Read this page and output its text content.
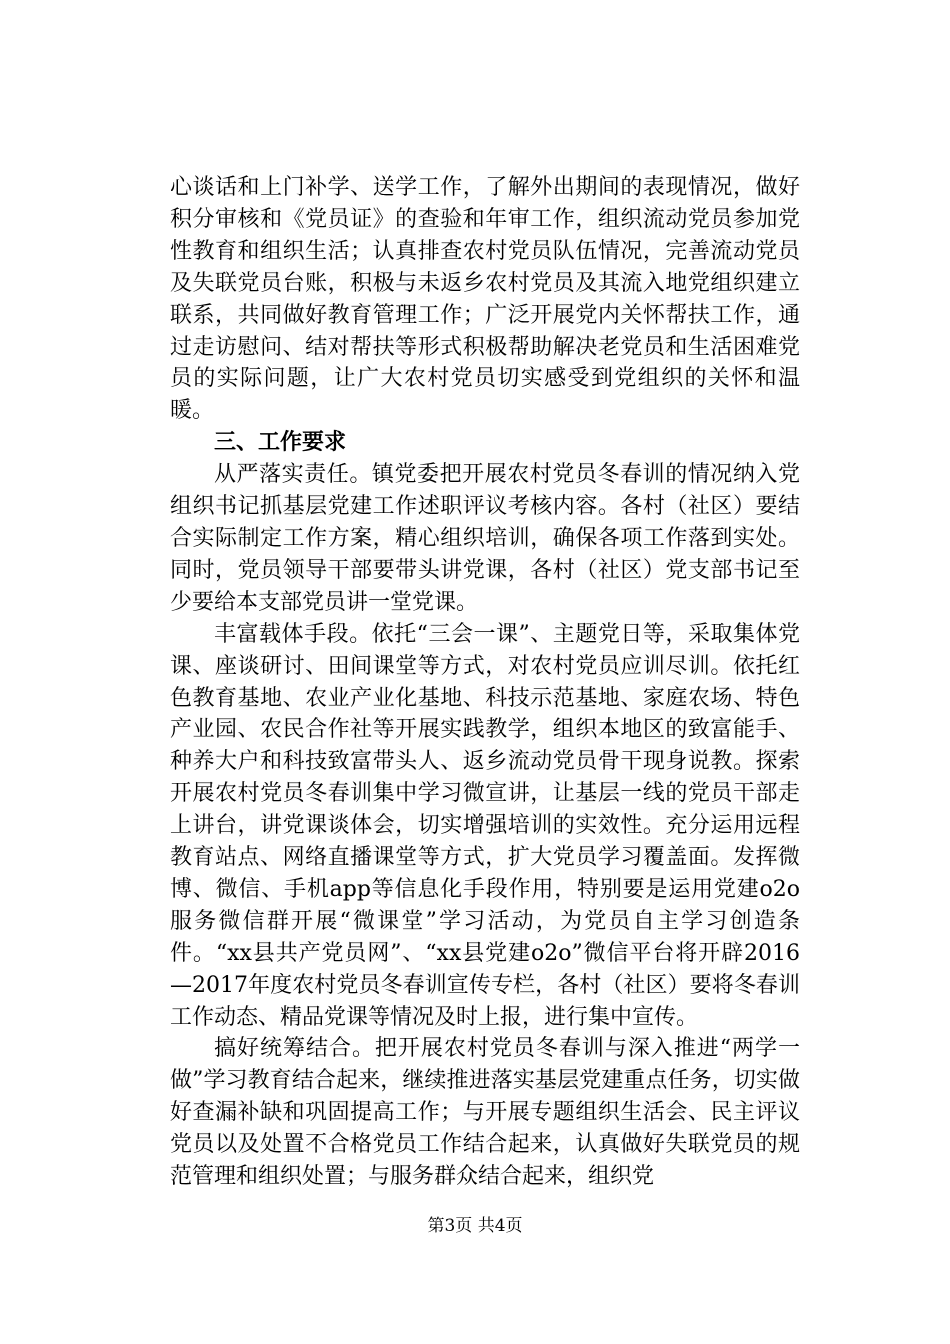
心谈话和上门补学、送学工作，了解外出期间的表现情况，做好积分审核和《党员证》的查验和年审工作，组织流动党员参加党性教育和组织生活；认真排查农村党员队伍情况，完善流动党员及失联党员台账，积极与未返乡农村党员及其流入地党组织建立联系，共同做好教育管理工作；广泛开展党内关怀帮扶工作，通过走访慰问、结对帮扶等形式积极帮助解决老党员和生活困难党员的实际问题，让广大农村党员切实感受到党组织的关怀和温暖。

三、工作要求

从严落实责任。镇党委把开展农村党员冬春训的情况纳入党组织书记抓基层党建工作述职评议考核内容。各村（社区）要结合实际制定工作方案，精心组织培训，确保各项工作落到实处。同时，党员领导干部要带头讲党课，各村（社区）党支部书记至少要给本支部党员讲一堂党课。

丰富载体手段。依托“三会一课”、主题党日等，采取集体党课、座谈研讨、田间课堂等方式，对农村党员应训尽训。依托红色教育基地、农业产业化基地、科技示范基地、家庭农场、特色产业园、农民合作社等开展实践教学，组织本地区的致富能手、种养大户和科技致富带头人、返乡流动党员骨干现身说教。探索开展农村党员冬春训集中学习微宣讲，让基层一线的党员干部走上讲台，讲党课谈体会，切实增强培训的实效性。充分运用远程教育站点、网络直播课堂等方式，扩大党员学习覆盖面。发挥微博、微信、手机app等信息化手段作用，特别要是运用党建o2o服务微信群开展“微课堂”学习活动，为党员自主学习创造条件。“xx县共产党员网”、“xx县党建o2o”微信平台将开辟2016—2017年度农村党员冬春训宣传专栏，各村（社区）要将冬春训工作动态、精品党课等情况及时上报，进行集中宣传。

搞好统筹结合。把开展农村党员冬春训与深入推进“两学一做”学习教育结合起来，继续推进落实基层党建重点任务，切实做好查漏补缺和巩固提高工作；与开展专题组织生活会、民主评议党员以及处置不合格党员工作结合起来，认真做好失联党员的规范管理和组织处置；与服务群众结合起来，组织党

第3页 共4页
